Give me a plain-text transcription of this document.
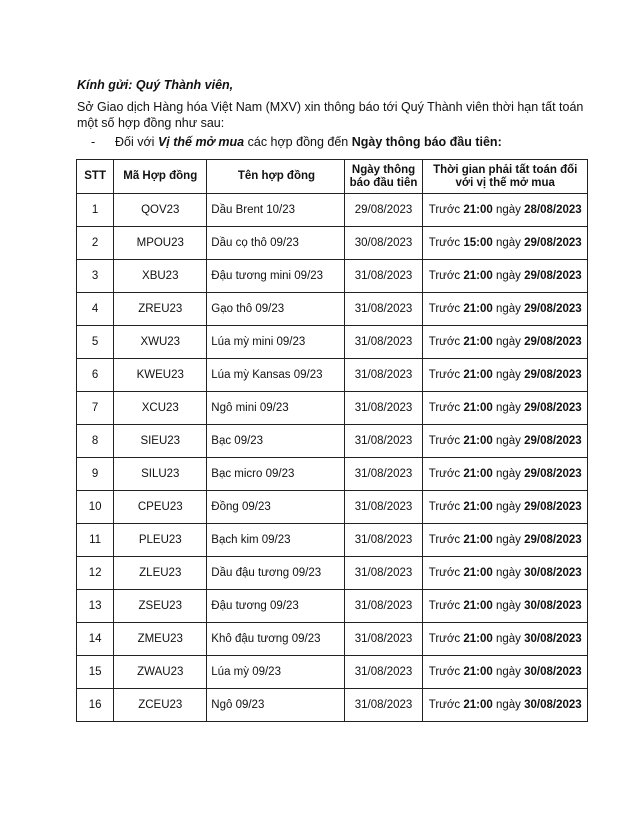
Kính gửi: Quý Thành viên,
Sở Giao dịch Hàng hóa Việt Nam (MXV) xin thông báo tới Quý Thành viên thời hạn tất toán một số hợp đồng như sau:
- Đối với Vị thế mở mua các hợp đồng đến Ngày thông báo đầu tiên:
STT	Mã Hợp đồng	Tên hợp đồng	Ngày thông báo đầu tiên	Thời gian phải tất toán đối với vị thế mở mua
1	QOV23	Dầu Brent 10/23	29/08/2023	Trước 21:00 ngày 28/08/2023
2	MPOU23	Dầu cọ thô 09/23	30/08/2023	Trước 15:00 ngày 29/08/2023
3	XBU23	Đậu tương mini 09/23	31/08/2023	Trước 21:00 ngày 29/08/2023
4	ZREU23	Gạo thô 09/23	31/08/2023	Trước 21:00 ngày 29/08/2023
5	XWU23	Lúa mỳ mini 09/23	31/08/2023	Trước 21:00 ngày 29/08/2023
6	KWEU23	Lúa mỳ Kansas 09/23	31/08/2023	Trước 21:00 ngày 29/08/2023
7	XCU23	Ngô mini 09/23	31/08/2023	Trước 21:00 ngày 29/08/2023
8	SIEU23	Bạc 09/23	31/08/2023	Trước 21:00 ngày 29/08/2023
9	SILU23	Bạc micro 09/23	31/08/2023	Trước 21:00 ngày 29/08/2023
10	CPEU23	Đồng 09/23	31/08/2023	Trước 21:00 ngày 29/08/2023
11	PLEU23	Bạch kim 09/23	31/08/2023	Trước 21:00 ngày 29/08/2023
12	ZLEU23	Dầu đậu tương 09/23	31/08/2023	Trước 21:00 ngày 30/08/2023
13	ZSEU23	Đậu tương 09/23	31/08/2023	Trước 21:00 ngày 30/08/2023
14	ZMEU23	Khô đậu tương 09/23	31/08/2023	Trước 21:00 ngày 30/08/2023
15	ZWAU23	Lúa mỳ 09/23	31/08/2023	Trước 21:00 ngày 30/08/2023
16	ZCEU23	Ngô 09/23	31/08/2023	Trước 21:00 ngày 30/08/2023
